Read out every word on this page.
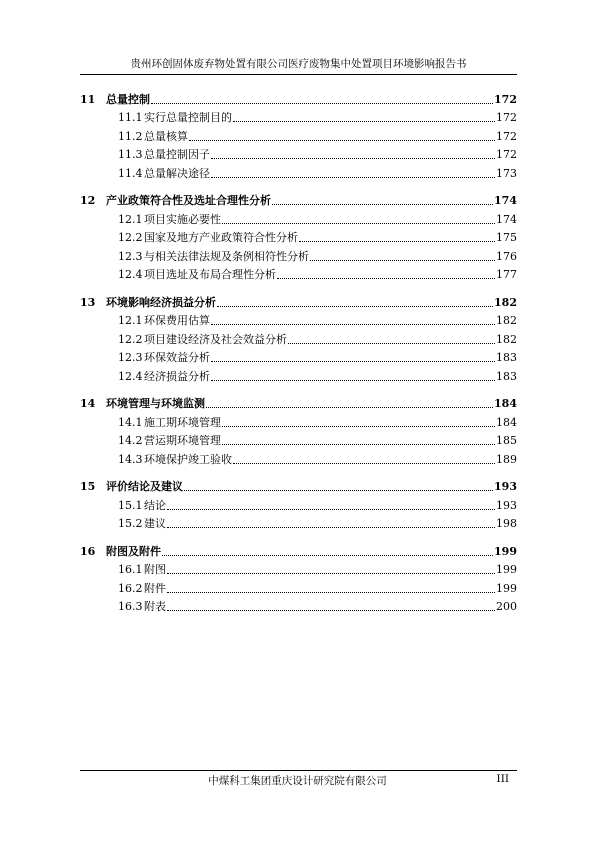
贵州环创固体废弃物处置有限公司医疗废物集中处置项目环境影响报告书
11 总量控制	172
11.1 实行总量控制目的	172
11.2 总量核算	172
11.3 总量控制因子	172
11.4 总量解决途径	173
12 产业政策符合性及选址合理性分析	174
12.1 项目实施必要性	174
12.2 国家及地方产业政策符合性分析	175
12.3 与相关法律法规及条例相符性分析	176
12.4 项目选址及布局合理性分析	177
13 环境影响经济损益分析	182
12.1 环保费用估算	182
12.2 项目建设经济及社会效益分析	182
12.3 环保效益分析	183
12.4 经济损益分析	183
14 环境管理与环境监测	184
14.1 施工期环境管理	184
14.2 营运期环境管理	185
14.3 环境保护竣工验收	189
15 评价结论及建议	193
15.1 结论	193
15.2 建议	198
16 附图及附件	199
16.1 附图	199
16.2 附件	199
16.3 附表	200
中煤科工集团重庆设计研究院有限公司	III
